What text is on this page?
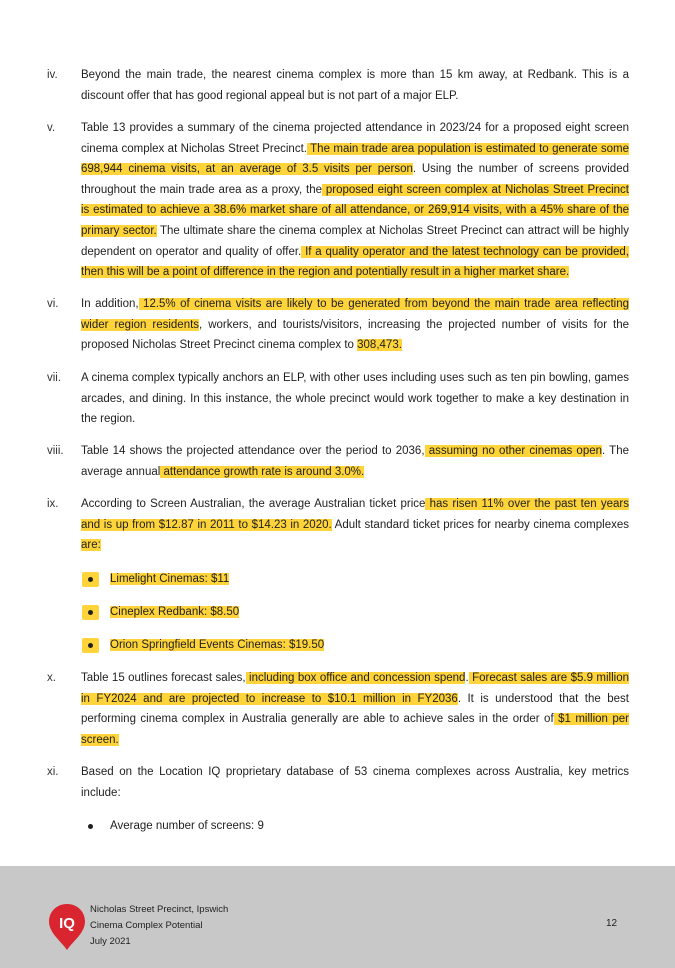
iv. Beyond the main trade, the nearest cinema complex is more than 15 km away, at Redbank. This is a discount offer that has good regional appeal but is not part of a major ELP.
v. Table 13 provides a summary of the cinema projected attendance in 2023/24 for a proposed eight screen cinema complex at Nicholas Street Precinct. The main trade area population is estimated to generate some 698,944 cinema visits, at an average of 3.5 visits per person. Using the number of screens provided throughout the main trade area as a proxy, the proposed eight screen complex at Nicholas Street Precinct is estimated to achieve a 38.6% market share of all attendance, or 269,914 visits, with a 45% share of the primary sector. The ultimate share the cinema complex at Nicholas Street Precinct can attract will be highly dependent on operator and quality of offer. If a quality operator and the latest technology can be provided, then this will be a point of difference in the region and potentially result in a higher market share.
vi. In addition, 12.5% of cinema visits are likely to be generated from beyond the main trade area reflecting wider region residents, workers, and tourists/visitors, increasing the projected number of visits for the proposed Nicholas Street Precinct cinema complex to 308,473.
vii. A cinema complex typically anchors an ELP, with other uses including uses such as ten pin bowling, games arcades, and dining. In this instance, the whole precinct would work together to make a key destination in the region.
viii. Table 14 shows the projected attendance over the period to 2036, assuming no other cinemas open. The average annual attendance growth rate is around 3.0%.
ix. According to Screen Australian, the average Australian ticket price has risen 11% over the past ten years and is up from $12.87 in 2011 to $14.23 in 2020. Adult standard ticket prices for nearby cinema complexes are:
Limelight Cinemas: $11
Cineplex Redbank: $8.50
Orion Springfield Events Cinemas: $19.50
x. Table 15 outlines forecast sales, including box office and concession spend. Forecast sales are $5.9 million in FY2024 and are projected to increase to $10.1 million in FY2036. It is understood that the best performing cinema complex in Australia generally are able to achieve sales in the order of $1 million per screen.
xi. Based on the Location IQ proprietary database of 53 cinema complexes across Australia, key metrics include:
Average number of screens: 9
IQ
Nicholas Street Precinct, Ipswich
Cinema Complex Potential
July 2021
12
